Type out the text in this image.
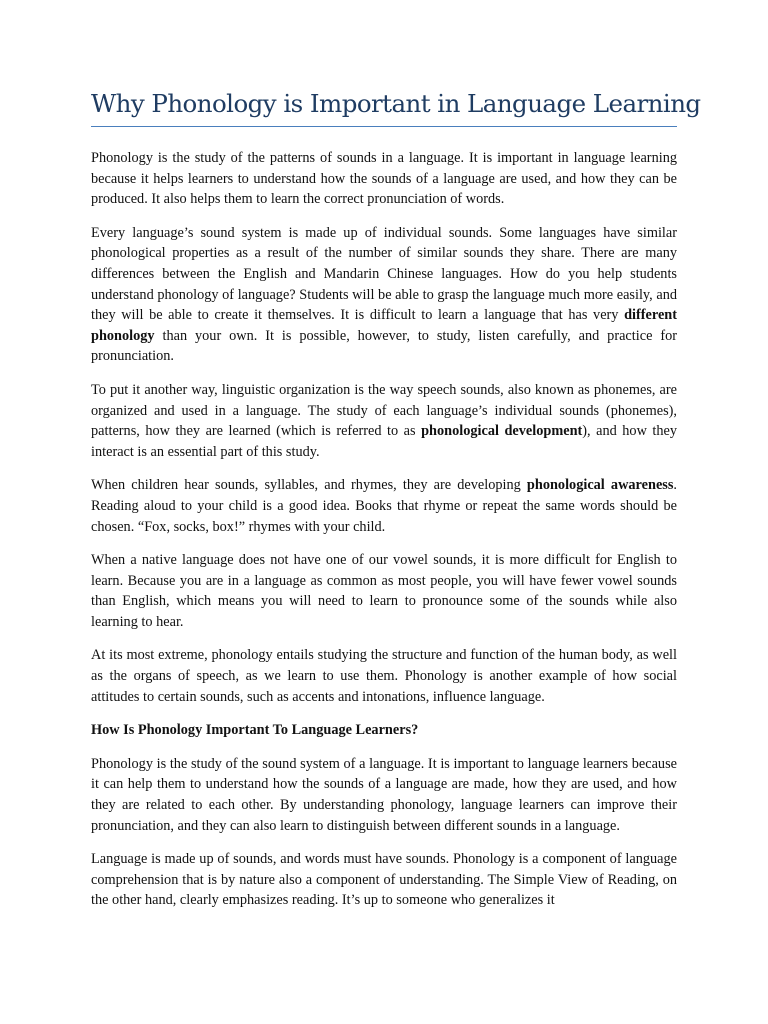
Why Phonology is Important in Language Learning

Phonology is the study of the patterns of sounds in a language. It is important in language learning because it helps learners to understand how the sounds of a language are used, and how they can be produced. It also helps them to learn the correct pronunciation of words.

Every language’s sound system is made up of individual sounds. Some languages have similar phonological properties as a result of the number of similar sounds they share. There are many differences between the English and Mandarin Chinese languages. How do you help students understand phonology of language? Students will be able to grasp the language much more easily, and they will be able to create it themselves. It is difficult to learn a language that has very different phonology than your own. It is possible, however, to study, listen carefully, and practice for pronunciation.

To put it another way, linguistic organization is the way speech sounds, also known as phonemes, are organized and used in a language. The study of each language’s individual sounds (phonemes), patterns, how they are learned (which is referred to as phonological development), and how they interact is an essential part of this study.

When children hear sounds, syllables, and rhymes, they are developing phonological awareness. Reading aloud to your child is a good idea. Books that rhyme or repeat the same words should be chosen. “Fox, socks, box!” rhymes with your child.

When a native language does not have one of our vowel sounds, it is more difficult for English to learn. Because you are in a language as common as most people, you will have fewer vowel sounds than English, which means you will need to learn to pronounce some of the sounds while also learning to hear.

At its most extreme, phonology entails studying the structure and function of the human body, as well as the organs of speech, as we learn to use them. Phonology is another example of how social attitudes to certain sounds, such as accents and intonations, influence language.

How Is Phonology Important To Language Learners?

Phonology is the study of the sound system of a language. It is important to language learners because it can help them to understand how the sounds of a language are made, how they are used, and how they are related to each other. By understanding phonology, language learners can improve their pronunciation, and they can also learn to distinguish between different sounds in a language.

Language is made up of sounds, and words must have sounds. Phonology is a component of language comprehension that is by nature also a component of understanding. The Simple View of Reading, on the other hand, clearly emphasizes reading. It’s up to someone who generalizes it
